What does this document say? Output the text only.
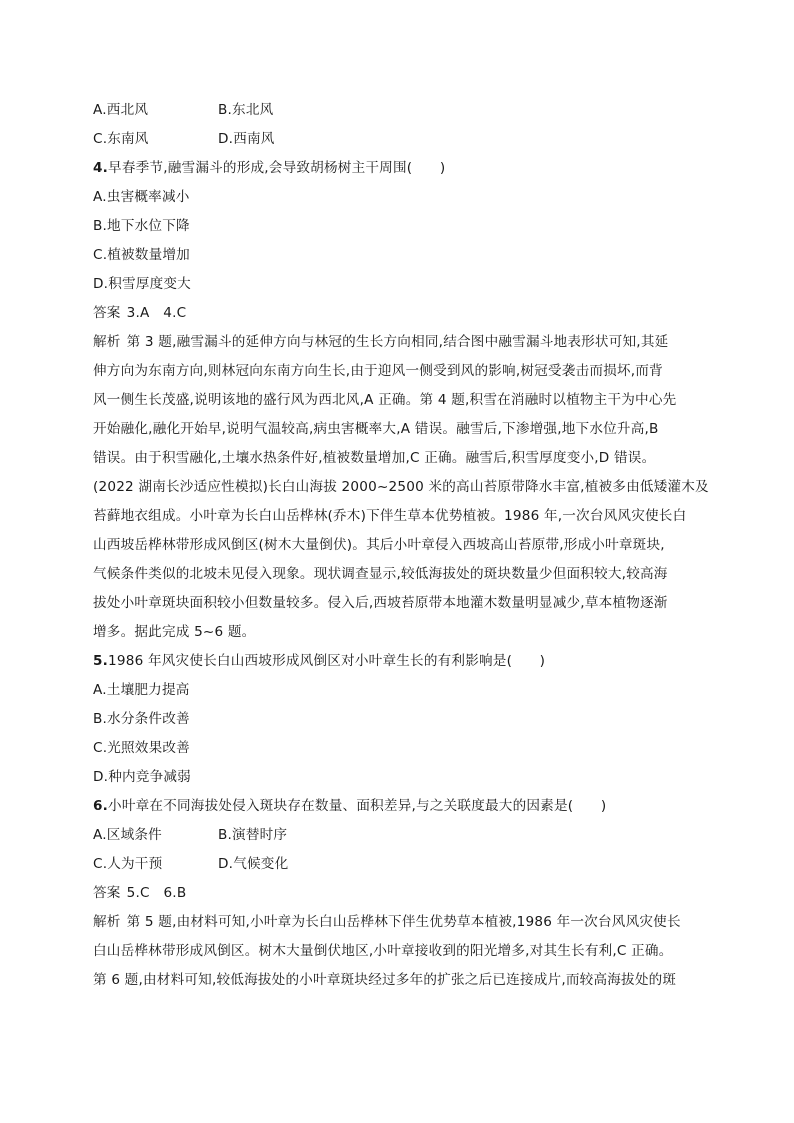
A.西北风	B.东北风
C.东南风	D.西南风
4.早春季节,融雪漏斗的形成,会导致胡杨树主干周围(　　)
A.虫害概率减小
B.地下水位下降
C.植被数量增加
D.积雪厚度变大
答案 3.A　4.C
解析 第 3 题,融雪漏斗的延伸方向与林冠的生长方向相同,结合图中融雪漏斗地表形状可知,其延
伸方向为东南方向,则林冠向东南方向生长,由于迎风一侧受到风的影响,树冠受袭击而损坏,而背
风一侧生长茂盛,说明该地的盛行风为西北风,A 正确。第 4 题,积雪在消融时以植物主干为中心先
开始融化,融化开始早,说明气温较高,病虫害概率大,A 错误。融雪后,下渗增强,地下水位升高,B
错误。由于积雪融化,土壤水热条件好,植被数量增加,C 正确。融雪后,积雪厚度变小,D 错误。
(2022 湖南长沙适应性模拟)长白山海拔 2000~2500 米的高山苔原带降水丰富,植被多由低矮灌木及
苔藓地衣组成。小叶章为长白山岳桦林(乔木)下伴生草本优势植被。1986 年,一次台风风灾使长白
山西坡岳桦林带形成风倒区(树木大量倒伏)。其后小叶章侵入西坡高山苔原带,形成小叶章斑块,
气候条件类似的北坡未见侵入现象。现状调查显示,较低海拔处的斑块数量少但面积较大,较高海
拔处小叶章斑块面积较小但数量较多。侵入后,西坡苔原带本地灌木数量明显减少,草本植物逐渐
增多。据此完成 5~6 题。
5.1986 年风灾使长白山西坡形成风倒区对小叶章生长的有利影响是(　　)
A.土壤肥力提高
B.水分条件改善
C.光照效果改善
D.种内竞争减弱
6.小叶章在不同海拔处侵入斑块存在数量、面积差异,与之关联度最大的因素是(　　)
A.区域条件	B.演替时序
C.人为干预	D.气候变化
答案 5.C　6.B
解析 第 5 题,由材料可知,小叶章为长白山岳桦林下伴生优势草本植被,1986 年一次台风风灾使长
白山岳桦林带形成风倒区。树木大量倒伏地区,小叶章接收到的阳光增多,对其生长有利,C 正确。
第 6 题,由材料可知,较低海拔处的小叶章斑块经过多年的扩张之后已连接成片,而较高海拔处的斑
